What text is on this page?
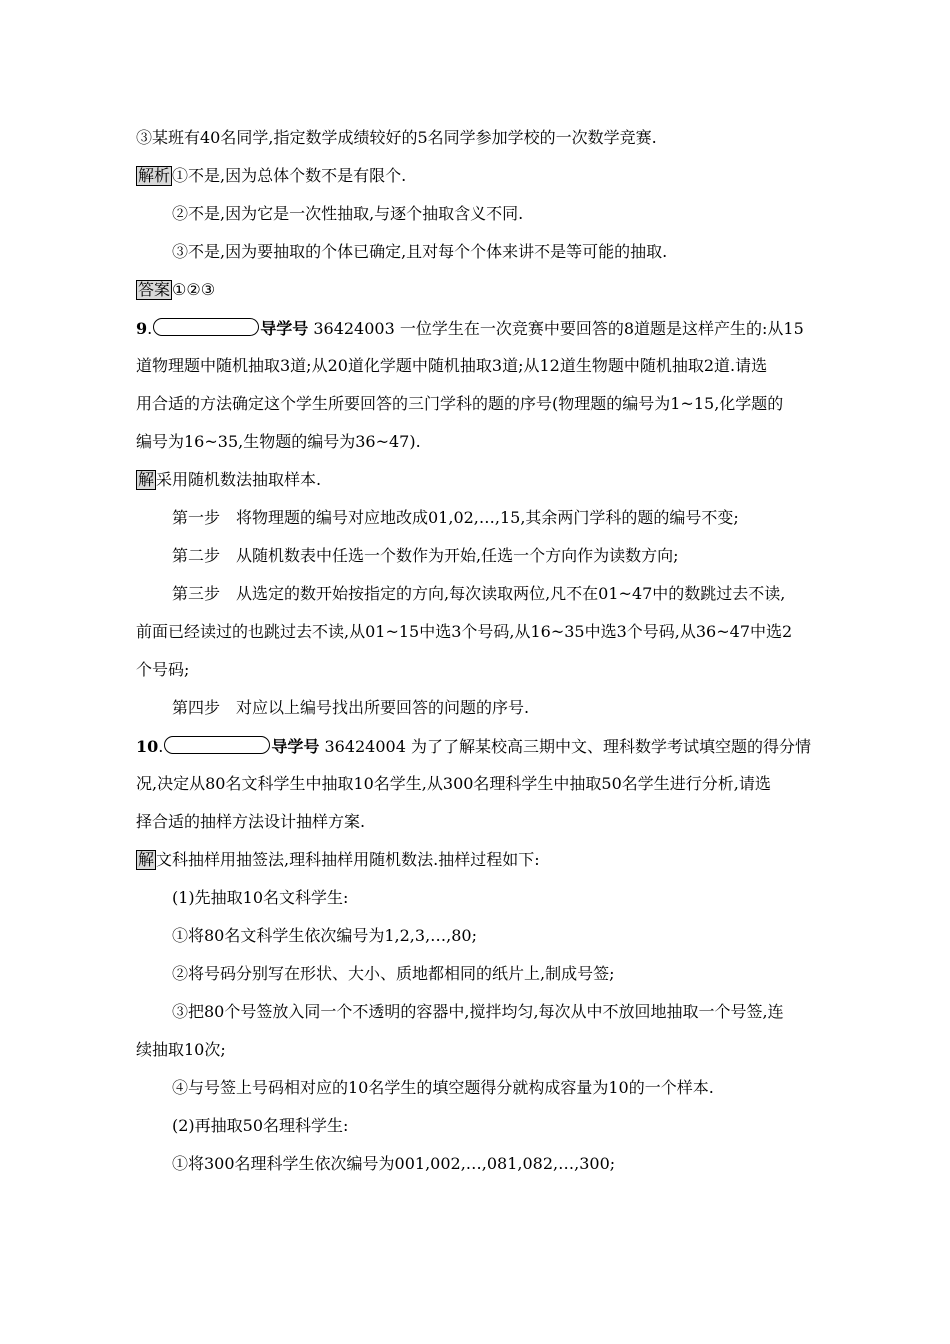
③某班有40名同学,指定数学成绩较好的5名同学参加学校的一次数学竞赛.

解析 ①不是,因为总体个数不是有限个.

②不是,因为它是一次性抽取,与逐个抽取含义不同.

③不是,因为要抽取的个体已确定,且对每个个体来讲不是等可能的抽取.

答案 ①②③

9.	导学号 36424003 一位学生在一次竞赛中要回答的8道题是这样产生的:从15

道物理题中随机抽取3道;从20道化学题中随机抽取3道;从12道生物题中随机抽取2道.请选

用合适的方法确定这个学生所要回答的三门学科的题的序号(物理题的编号为1~15,化学题的

编号为16~35,生物题的编号为36~47).

解 采用随机数法抽取样本.

第一步　将物理题的编号对应地改成01,02,…,15,其余两门学科的题的编号不变;

第二步　从随机数表中任选一个数作为开始,任选一个方向作为读数方向;

第三步　从选定的数开始按指定的方向,每次读取两位,凡不在01~47中的数跳过去不读,

前面已经读过的也跳过去不读,从01~15中选3个号码,从16~35中选3个号码,从36~47中选2

个号码;

第四步　对应以上编号找出所要回答的问题的序号.

10.	导学号 36424004 为了了解某校高三期中文、理科数学考试填空题的得分情

况,决定从80名文科学生中抽取10名学生,从300名理科学生中抽取50名学生进行分析,请选

择合适的抽样方法设计抽样方案.

解 文科抽样用抽签法,理科抽样用随机数法.抽样过程如下:

(1)先抽取10名文科学生:

①将80名文科学生依次编号为1,2,3,…,80;

②将号码分别写在形状、大小、质地都相同的纸片上,制成号签;

③把80个号签放入同一个不透明的容器中,搅拌均匀,每次从中不放回地抽取一个号签,连

续抽取10次;

④与号签上号码相对应的10名学生的填空题得分就构成容量为10的一个样本.

(2)再抽取50名理科学生:

①将300名理科学生依次编号为001,002,…,081,082,…,300;
